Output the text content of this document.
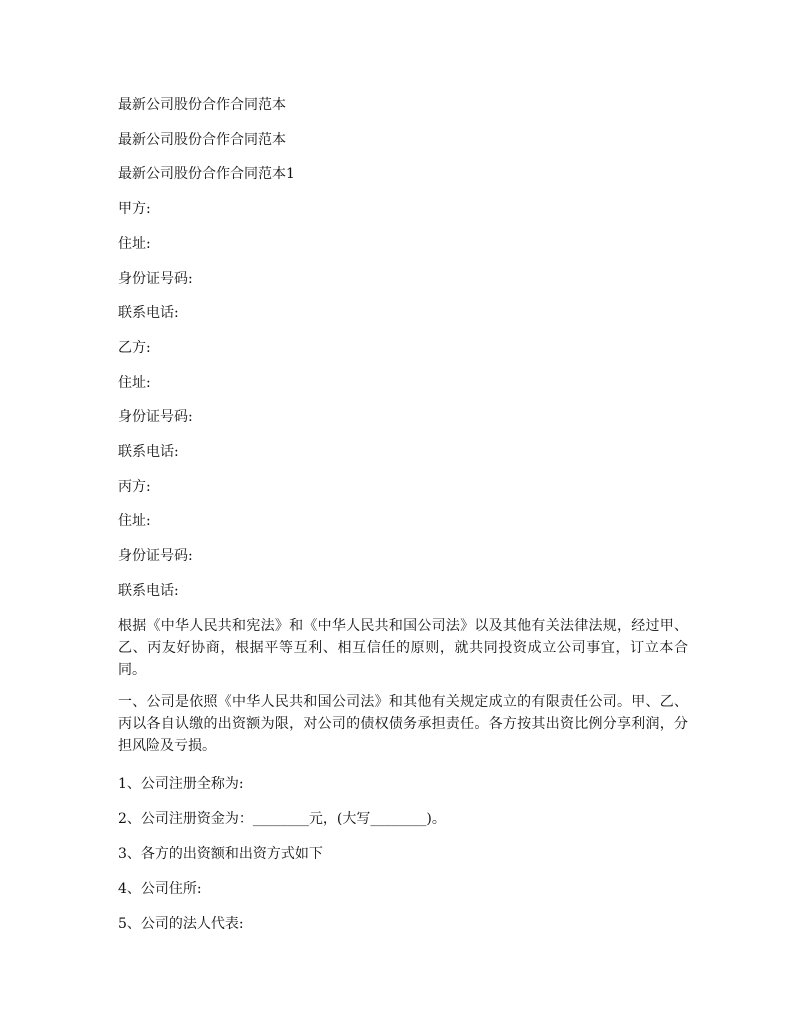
最新公司股份合作合同范本

最新公司股份合作合同范本

最新公司股份合作合同范本1

甲方:

住址:

身份证号码:

联系电话:

乙方:

住址:

身份证号码:

联系电话:

丙方:

住址:

身份证号码:

联系电话:

根据《中华人民共和宪法》和《中华人民共和国公司法》以及其他有关法律法规，经过甲、乙、丙友好协商，根据平等互利、相互信任的原则，就共同投资成立公司事宜，订立本合同。

一、公司是依照《中华人民共和国公司法》和其他有关规定成立的有限责任公司。甲、乙、丙以各自认缴的出资额为限，对公司的债权债务承担责任。各方按其出资比例分享利润，分担风险及亏损。

1、公司注册全称为:

2、公司注册资金为：________元，(大写________)。

3、各方的出资额和出资方式如下

4、公司住所:

5、公司的法人代表:
